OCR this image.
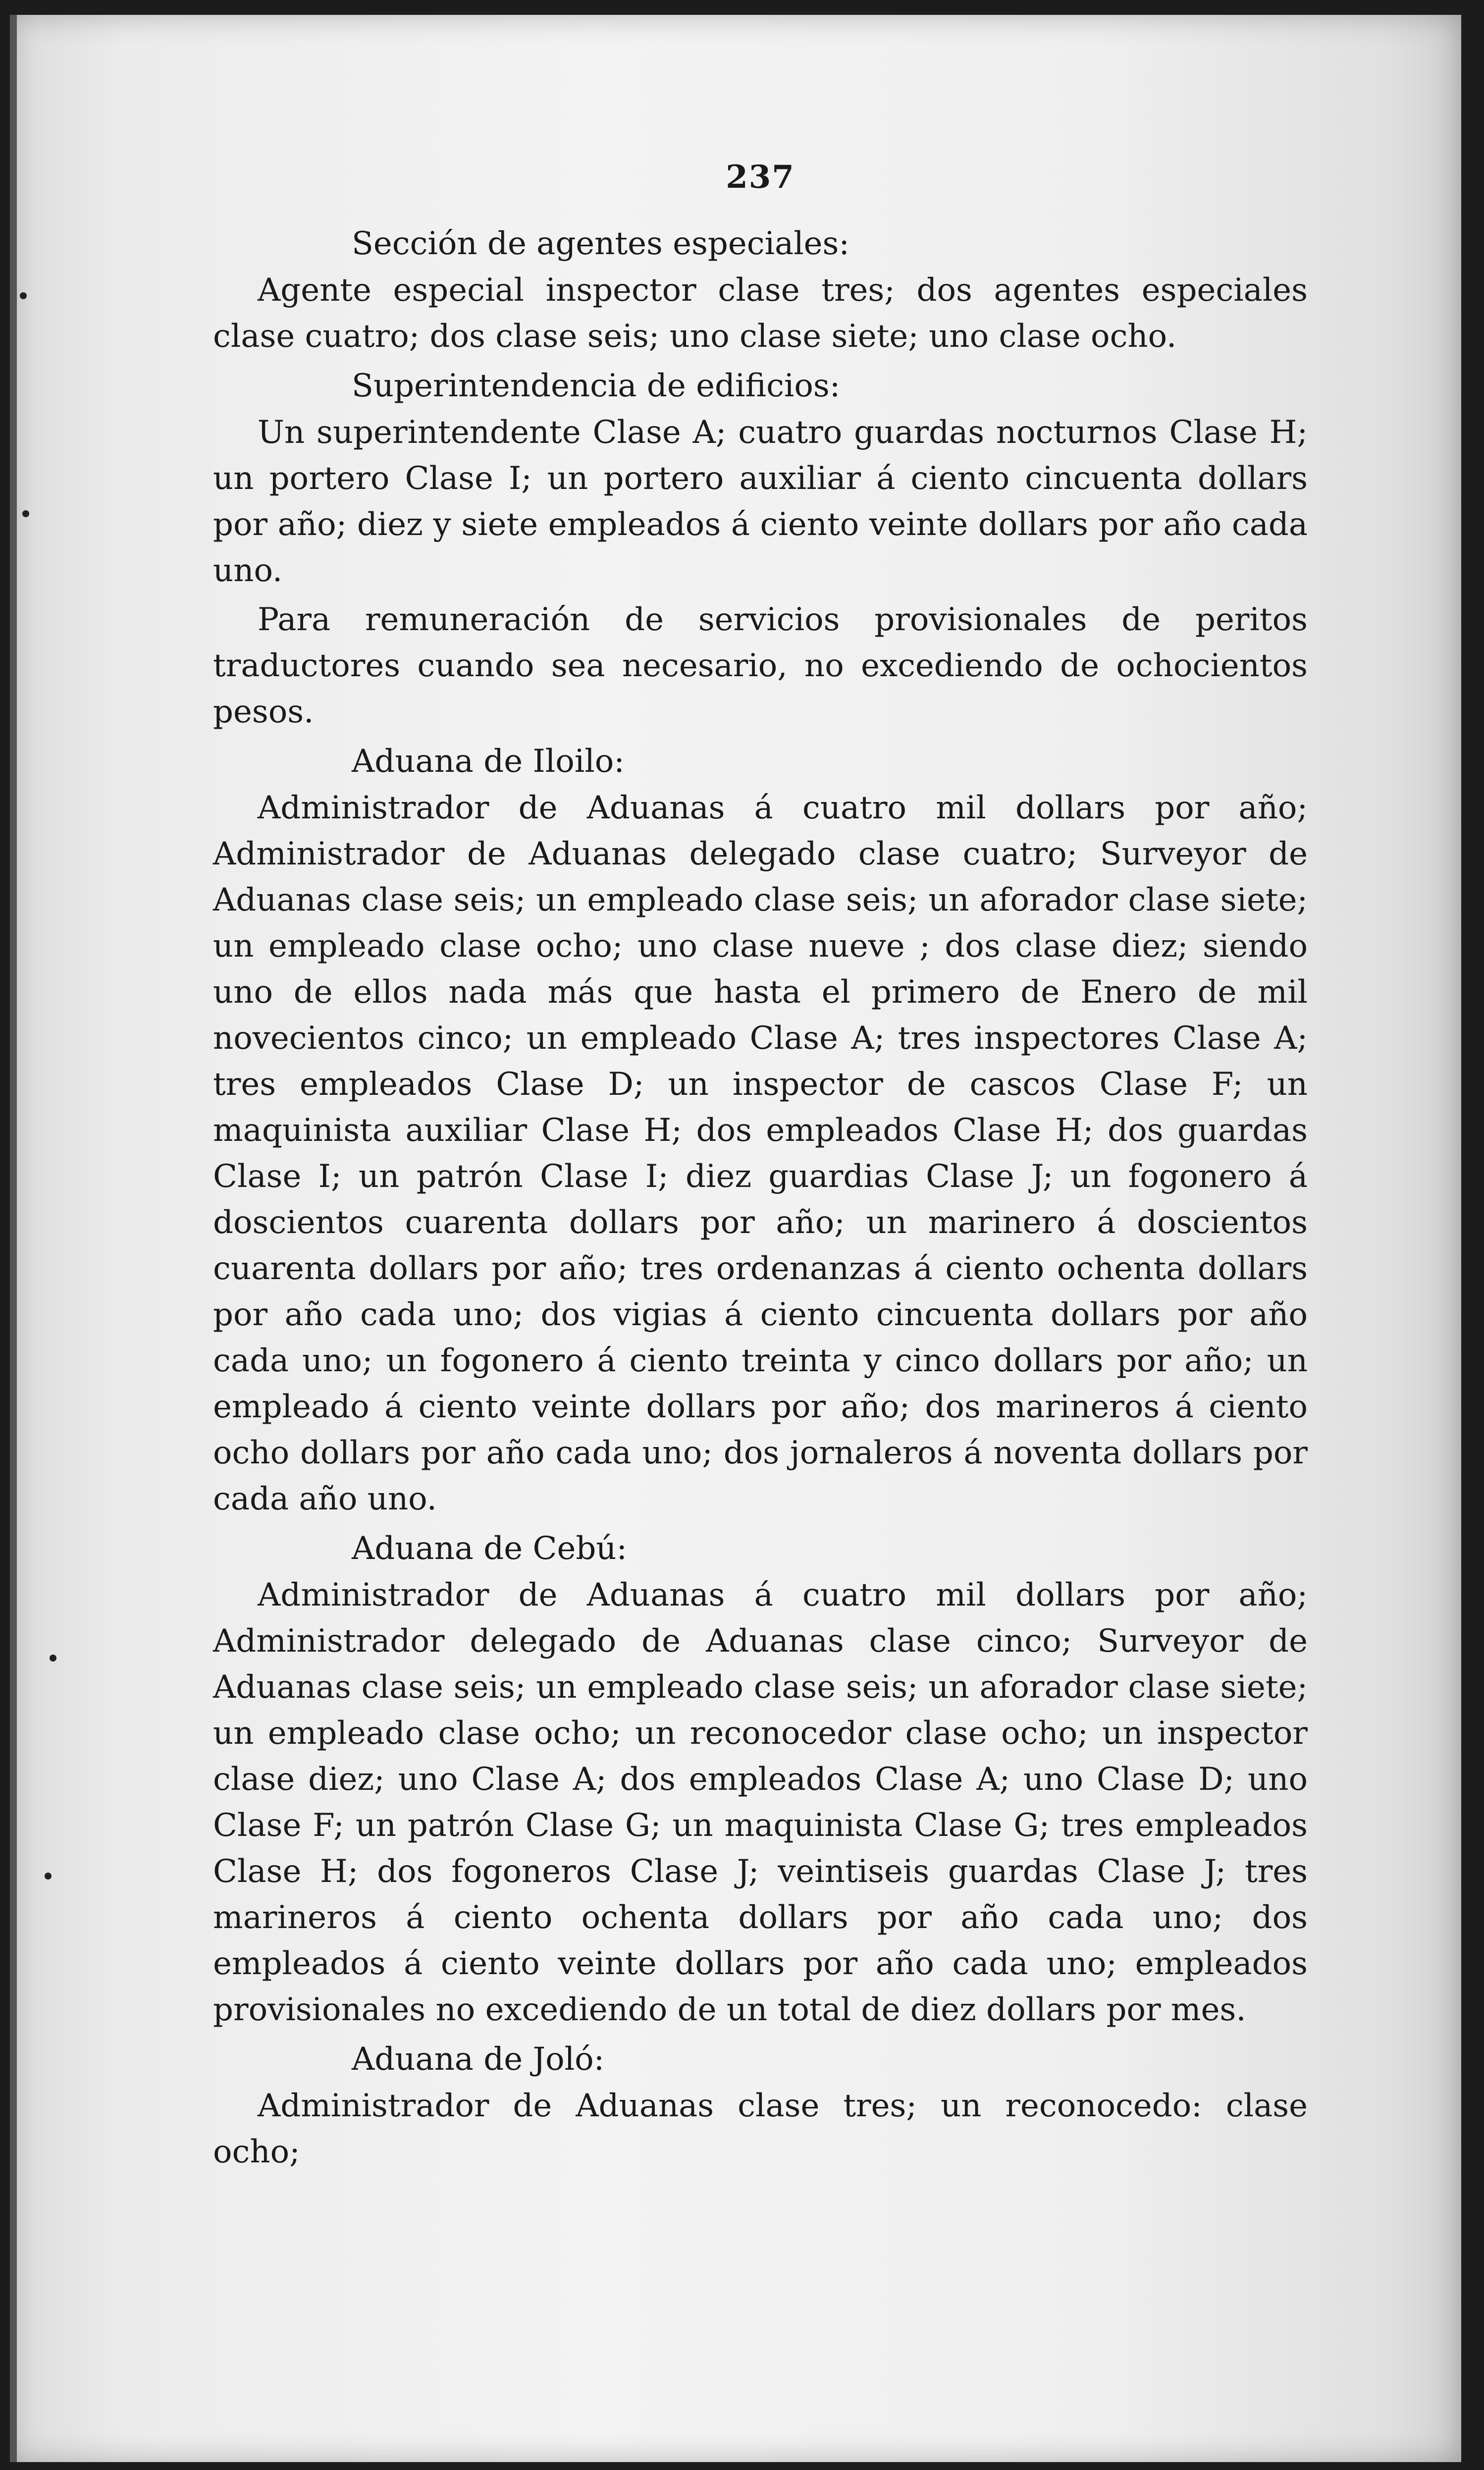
237

Sección de agentes especiales:

Agente especial inspector clase tres; dos agentes especiales clase cuatro; dos clase seis; uno clase siete; uno clase ocho.

Superintendencia de edificios:

Un superintendente Clase A; cuatro guardas nocturnos Clase H; un portero Clase I; un portero auxiliar á ciento cincuenta dollars por año; diez y siete empleados á ciento veinte dollars por año cada uno.

Para remuneración de servicios provisionales de peritos traductores cuando sea necesario, no excediendo de ochocientos pesos.

Aduana de Iloilo:

Administrador de Aduanas á cuatro mil dollars por año; Administrador de Aduanas delegado clase cuatro; Surveyor de Aduanas clase seis; un empleado clase seis; un aforador clase siete; un empleado clase ocho; uno clase nueve ; dos clase diez; siendo uno de ellos nada más que hasta el primero de Enero de mil novecientos cinco; un empleado Clase A; tres inspectores Clase A; tres empleados Clase D; un inspector de cascos Clase F; un maquinista auxiliar Clase H; dos empleados Clase H; dos guardas Clase I; un patrón Clase I; diez guardias Clase J; un fogonero á doscientos cuarenta dollars por año; un marinero á doscientos cuarenta dollars por año; tres ordenanzas á ciento ochenta dollars por año cada uno; dos vigias á ciento cincuenta dollars por año cada uno; un fogonero á ciento treinta y cinco dollars por año; un empleado á ciento veinte dollars por año; dos marineros á ciento ocho dollars por año cada uno; dos jornaleros á noventa dollars por cada año uno.

Aduana de Cebú:

Administrador de Aduanas á cuatro mil dollars por año; Administrador delegado de Aduanas clase cinco; Surveyor de Aduanas clase seis; un empleado clase seis; un aforador clase siete; un empleado clase ocho; un reconocedor clase ocho; un inspector clase diez; uno Clase A; dos empleados Clase A; uno Clase D; uno Clase F; un patrón Clase G; un maquinista Clase G; tres empleados Clase H; dos fogoneros Clase J; veintiseis guardas Clase J; tres marineros á ciento ochenta dollars por año cada uno; dos empleados á ciento veinte dollars por año cada uno; empleados provisionales no excediendo de un total de diez dollars por mes.

Aduana de Joló:

Administrador de Aduanas clase tres; un reconocedo: clase ocho;
